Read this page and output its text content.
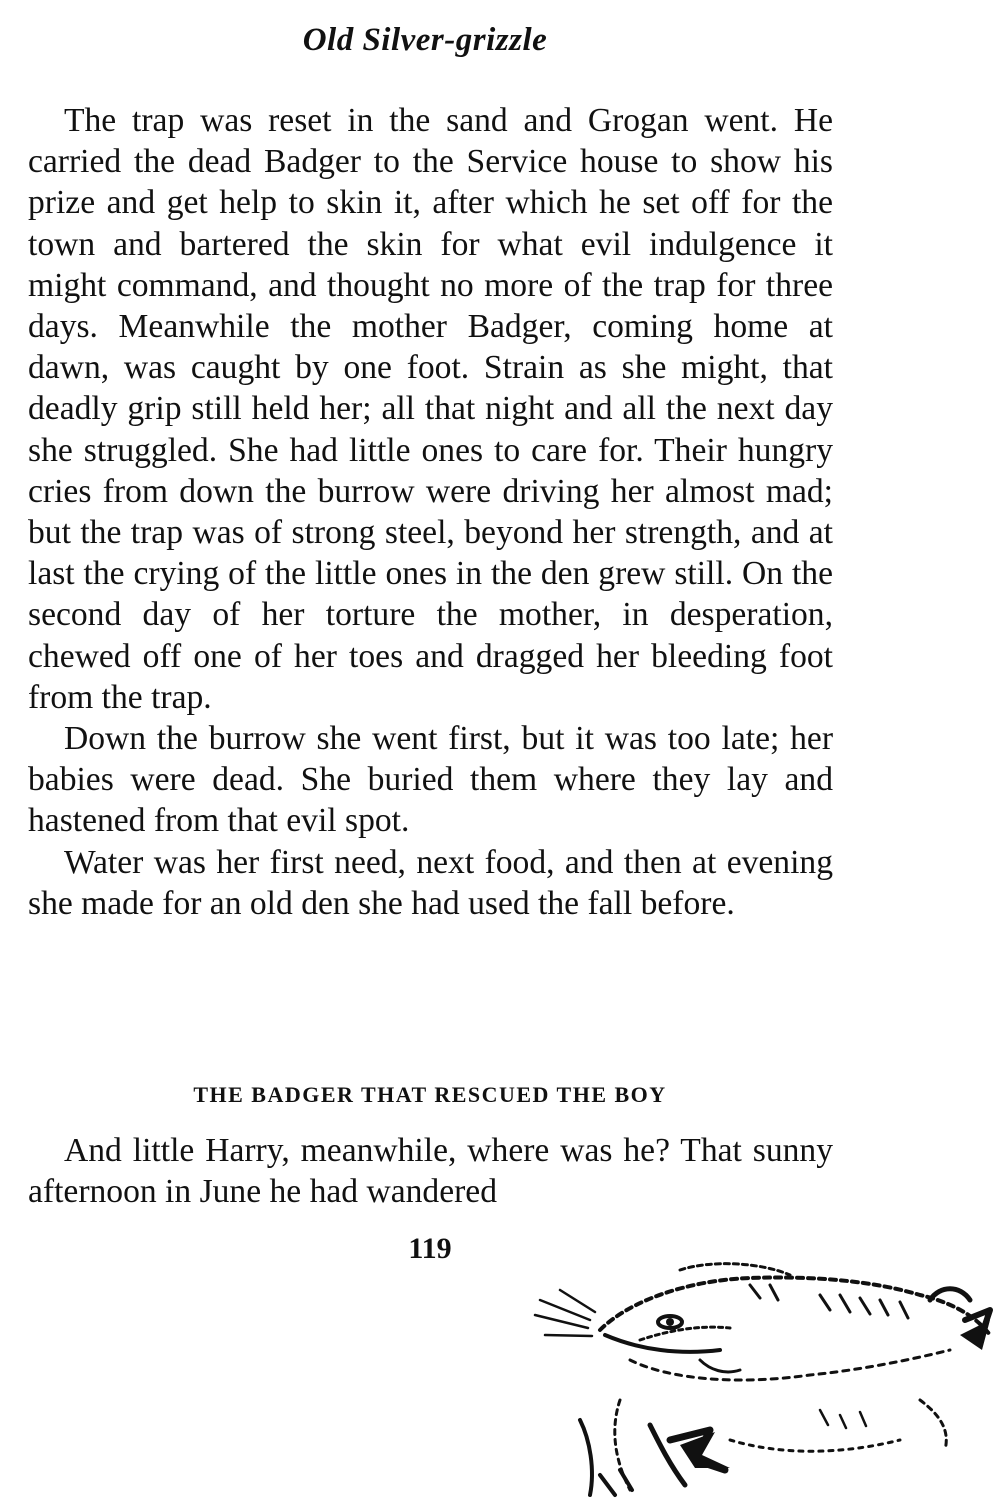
Old Silver-grizzle

The trap was reset in the sand and Grogan went. He carried the dead Badger to the Service house to show his prize and get help to skin it, after which he set off for the town and bartered the skin for what evil indulgence it might command, and thought no more of the trap for three days. Meanwhile the mother Badger, coming home at dawn, was caught by one foot. Strain as she might, that deadly grip still held her; all that night and all the next day she struggled. She had little ones to care for. Their hungry cries from down the burrow were driving her almost mad; but the trap was of strong steel, beyond her strength, and at last the crying of the little ones in the den grew still. On the second day of her torture the mother, in desperation, chewed off one of her toes and dragged her bleeding foot from the trap.

Down the burrow she went first, but it was too late; her babies were dead. She buried them where they lay and hastened from that evil spot.

Water was her first need, next food, and then at evening she made for an old den she had used the fall before.

THE BADGER THAT RESCUED THE BOY

And little Harry, meanwhile, where was he? That sunny afternoon in June he had wandered

119
